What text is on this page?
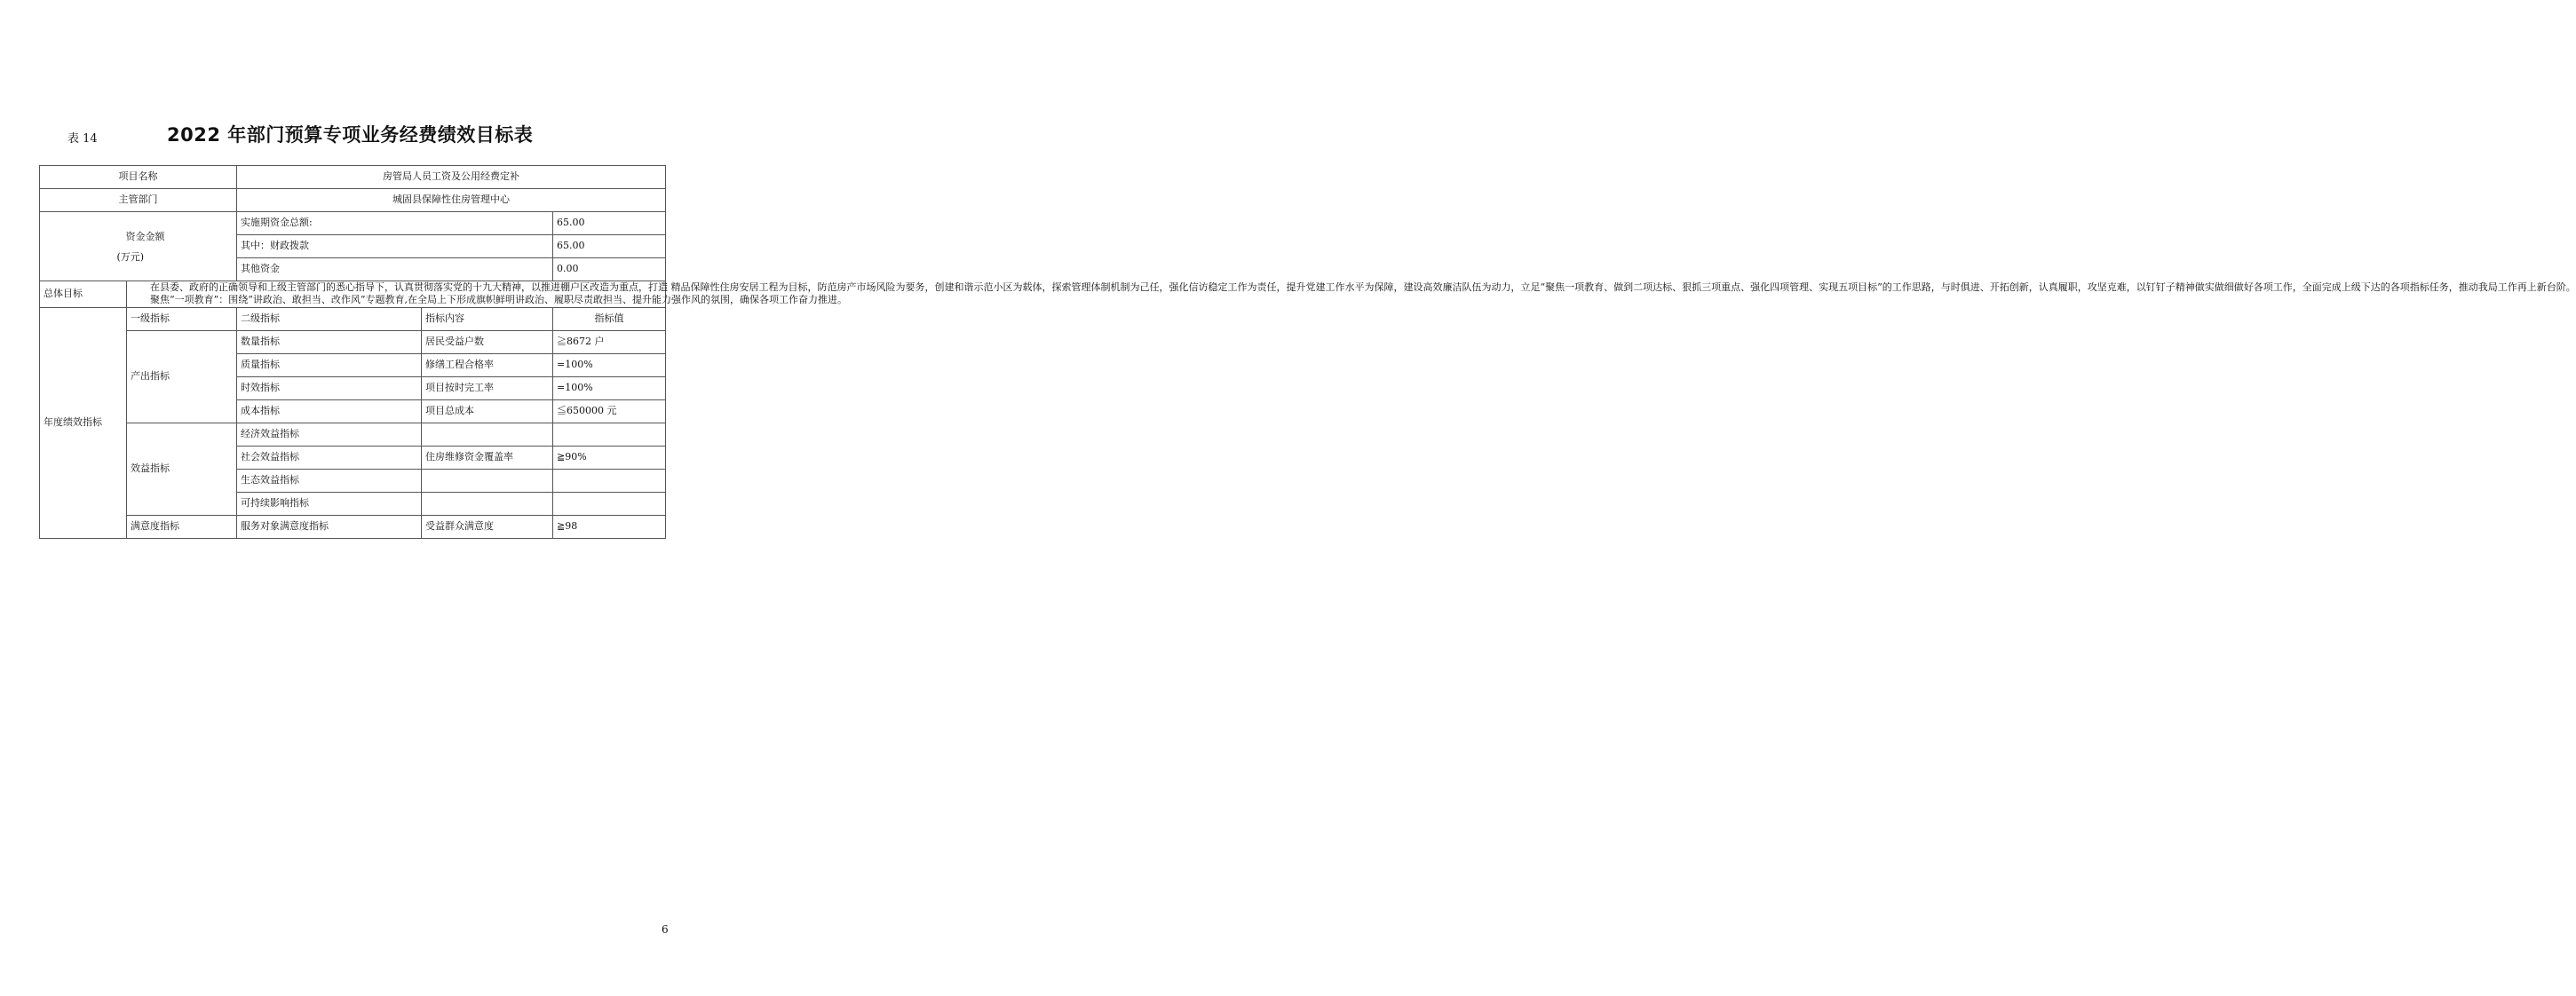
表 14	2022 年部门预算专项业务经费绩效目标表
项目名称		房管局人员工资及公用经费定补		
主管部门		城固县保障性住房管理中心		

资金金额
(万元)		实施期资金总额:		65.00
		其中：财政拨款		65.00
		其他资金		0.00
总体目标	在县委、政府的正确领导和上级主管部门的悉心指导下，认真贯彻落实党的十九大精神，以推进棚户区改造为重点，打造 精品保障性住房安居工程为目标，防范房产市场风险为要务，创建和谐示范小区为载体，探索管理体制机制为己任，强化信访稳定工作为责任，提升党建工作水平为保障，建设高效廉洁队伍为动力，立足“聚焦一项教育、做到二项达标、狠抓三项重点、强化四项管理、实现五项目标”的工作思路，与时俱进、开拓创新，认真履职，攻坚克难，以钉钉子精神做实做细做好各项工作，全面完成上级下达的各项指标任务，推动我局工作再上新台阶。

聚焦“一项教育”：围绕“讲政治、敢担当、改作风”专题教育,在全局上下形成旗帜鲜明讲政治、履职尽责敢担当、提升能力强作风的氛围，确保各项工作奋力推进。			

年度绩效指标	一级指标	二级指标	指标内容	指标值
	产出指标	数量指标	居民受益户数	≧8672 户
		质量指标	修缮工程合格率	=100%
		时效指标	项目按时完工率	=100%
		成本指标	项目总成本	≦650000 元
	效益指标	经济效益指标		
		社会效益指标	住房维修资金覆盖率	≧90%
		生态效益指标		
		可持续影响指标		
	满意度指标	服务对象满意度指标	受益群众满意度	≧98
6
